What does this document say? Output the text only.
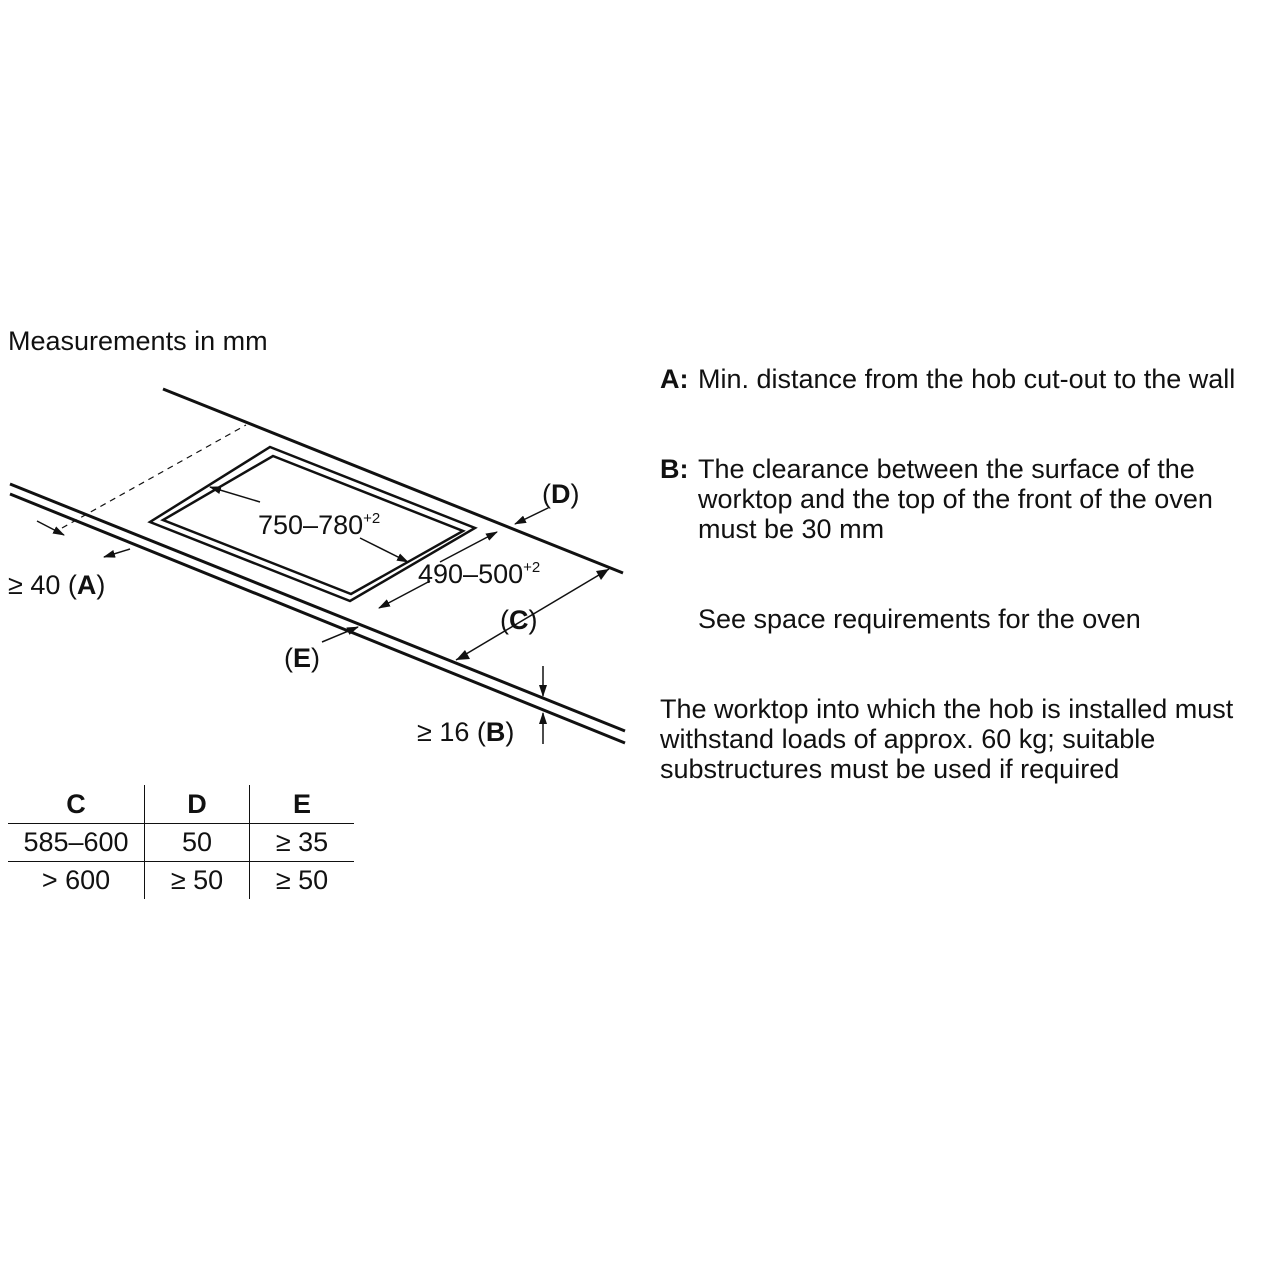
Measurements in mm
$750-780^{+2}$
$490-500^{+2}$
(D)
(C)
(E)
≥ 40 (A)
≥ 16 (B)
A: Min. distance from the hob cut-out to the wall
B: The clearance between the surface of the worktop and the top of the front of the oven must be 30 mm
See space requirements for the oven
The worktop into which the hob is installed must withstand loads of approx. 60 kg; suitable substructures must be used if required
C	D	E
585–600	50	≥ 35
> 600	≥ 50	≥ 50
